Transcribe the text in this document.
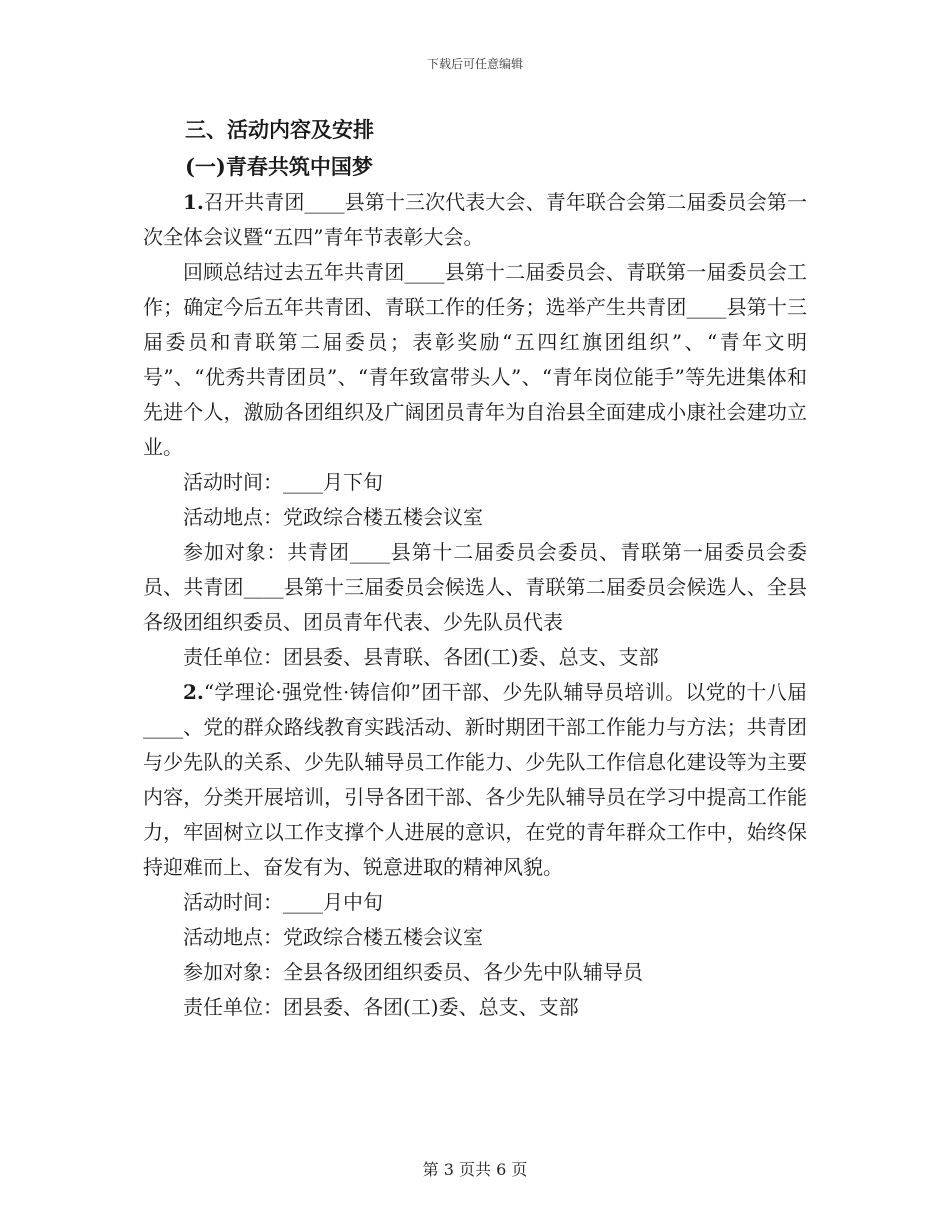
下载后可任意编辑

三、活动内容及安排

(一)青春共筑中国梦

1.召开共青团____县第十三次代表大会、青年联合会第二届委员会第一次全体会议暨“五四”青年节表彰大会。

回顾总结过去五年共青团____县第十二届委员会、青联第一届委员会工作；确定今后五年共青团、青联工作的任务；选举产生共青团____县第十三届委员和青联第二届委员；表彰奖励“五四红旗团组织”、“青年文明号”、“优秀共青团员”、“青年致富带头人”、“青年岗位能手”等先进集体和先进个人，激励各团组织及广阔团员青年为自治县全面建成小康社会建功立业。

活动时间：____月下旬

活动地点：党政综合楼五楼会议室

参加对象：共青团____县第十二届委员会委员、青联第一届委员会委员、共青团____县第十三届委员会候选人、青联第二届委员会候选人、全县各级团组织委员、团员青年代表、少先队员代表

责任单位：团县委、县青联、各团(工)委、总支、支部

2.“学理论·强党性·铸信仰”团干部、少先队辅导员培训。以党的十八届____、党的群众路线教育实践活动、新时期团干部工作能力与方法；共青团与少先队的关系、少先队辅导员工作能力、少先队工作信息化建设等为主要内容，分类开展培训，引导各团干部、各少先队辅导员在学习中提高工作能力，牢固树立以工作支撑个人进展的意识，在党的青年群众工作中，始终保持迎难而上、奋发有为、锐意进取的精神风貌。

活动时间：____月中旬

活动地点：党政综合楼五楼会议室

参加对象：全县各级团组织委员、各少先中队辅导员

责任单位：团县委、各团(工)委、总支、支部

第 3 页共 6 页
